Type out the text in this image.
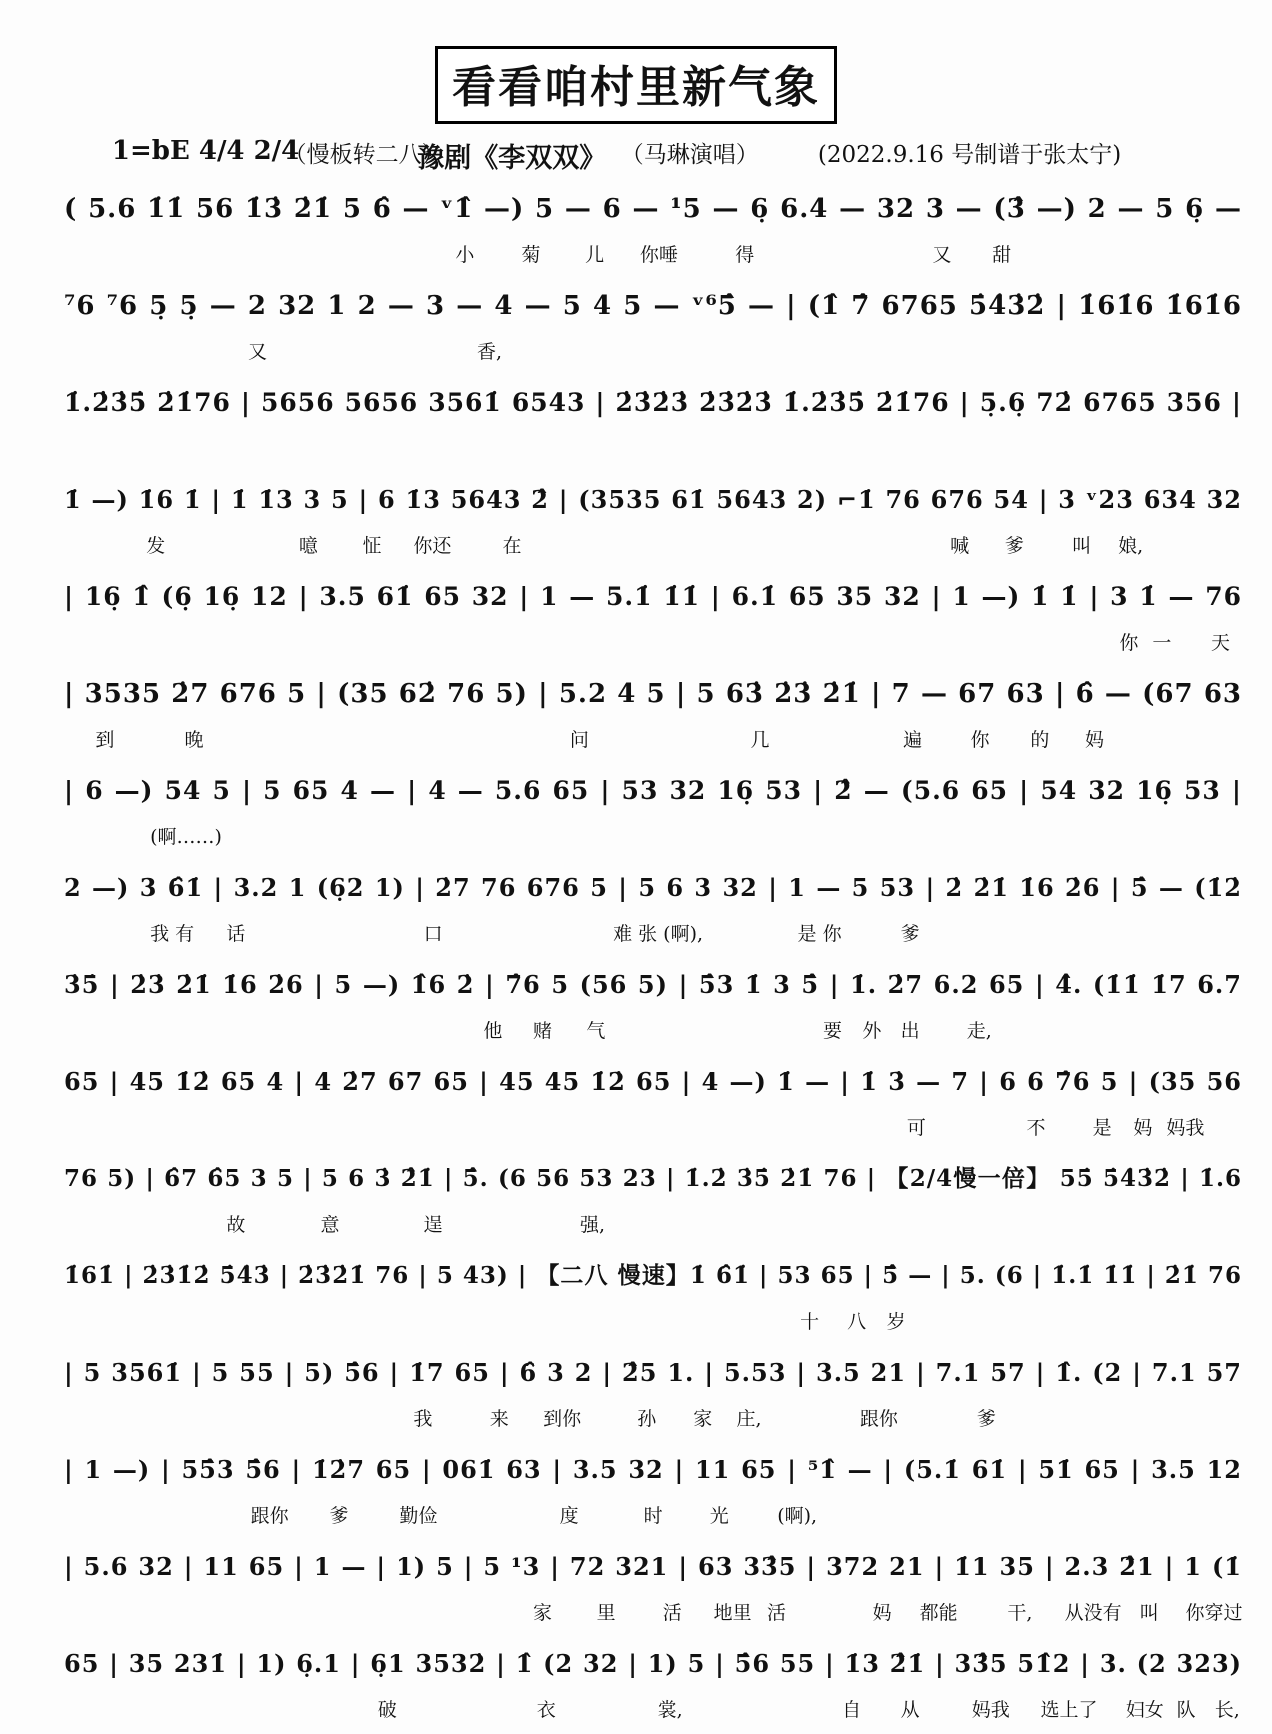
看看咱村里新气象
1=bE 4/4 2/4
（慢板转二八）
豫剧《李双双》 （马琳演唱）	(2022.9.16 号制谱于张太宁)
( 5.6 1̇1̇ 56 1̇3̇ 2̇1̇ 5 6̂ — ᵛ1̂ —) 5 — 6 — ¹5 — 6̣ 6.4 — 32 3 — (3̂ —) 2 — 5 6̣ —
小 菊 儿 你唾	得	又 甜
⁷6 ⁷6 5̣ 5̣ — 2 32 1 2 — 3 — 4 — 5 4 5 — ᵛ⁶5̂ — | (1̂ 7̂ 6765 5̇4̇3̇2̇ | 1̇61̇6 1̇61̇6
又	香,
1̇.2̇3̇5̇ 2̇1̇76 | 5656 5656 3561̇ 6543 | 2̇3̇2̇3̇ 2̇3̇2̇3̇ 1̇.2̇3̇5̇ 2̇1̇76 | 5̣.6̣ 72̇ 6765 356 |
1̇ —) 1̇6 1̇ | 1̇ 1̇3 3 5 | 6 1̇3 5643 2̂ | (3535 61̇ 5643 2) ⌐1̇ 76 676 54 | 3 ᵛ23 634 32
发	噫 怔 你还	在	喊 爹	叫 娘,
| 16̣ 1̂ (6̣ 16̣ 12 | 3.5 61̇ 65 32 | 1 — 5.1̇ 1̇1̇ | 6.1̇ 65 35 32 | 1 —) 1̇ 1̇ | 3 1̇ — 76
你 一 天
| 3535 2̇7 676 5 | (35 62̇ 76 5) | 5.2 4 5 | 5 63̇ 2̇3̇ 2̇1̇ | 7 — 67 63 | 6̂ — (67 63
到	晚	问	几	遍	你 的 妈
| 6 —) 54 5 | 5 65 4 — | 4 — 5.6 65 | 53 32 16̣ 53 | 2̂ — (5.6 65 | 54 32 16̣ 53 |
(啊……)
2 —) 3 6̂1̇ | 3.2 1 (6̣2 1) | 2̇7 76 676 5 | 5 6 3 32 | 1 — 5 53 | 2̇ 2̇1̇ 1̇6 2̇6 | 5̂ — (1̇2̇
我 有 话	口	难 张 (啊),	是 你	爹
3̇5̇ | 2̇3̇ 2̇1̇ 1̇6 2̇6 | 5 —) 1̂6 2̇ | 7̂6 5 (56 5) | 5̂3 1̇ 3 5̂ | 1̇. 2̇7 6.2 65 | 4̂. (1̇1̇ 1̇7 6.7
他 赌 气	要 外 出 走,
65 | 45 1̇2̇ 65 4 | 4 2̇7 67 65 | 45 45 1̇2̇ 65 | 4 —) 1̇ — | 1̇ 3̇ — 7 | 6 6 7̂6 5 | (35 56
可	不 是 妈 妈我
76 5) | 6̂7 6̂5 3 5 | 5 6 3̇ 2̂1̇ | 5̂. (6 56 53 23 | 1̇.2̇ 3̇5̇ 2̇1̇ 76 | 【2/4慢一倍】 55̇ 5̇4̇3̇2̇ | 1̇.6
故	意	逞	强,
1̇61̇ | 2̇3̇1̇2̇ 5̇4̇3̇ | 2̇3̇2̇1̇ 76 | 5 43) | 【二八 慢速】1̇ 6̂1̇ | 53 65 | 5̂ — | 5. (6 | 1̇.1̇ 1̇1̇ | 2̇1̇ 76
十 八 岁
| 5 3561̇ | 5 55 | 5) 5̂6 | 1̇7 65 | 6̂ 3 2 | 2̂5 1. | 5.53 | 3.5 21 | 7.1 57 | 1̂. (2 | 7.1 57
我	来 到你	孙 家 庄,	跟你	爹
| 1 —) | 55̂3 5̂6 | 1̇2̇7 65 | 061̇ 63 | 3.5 32 | 11 65 | ⁵1̂ — | (5.1̇ 61̇ | 51̇ 65 | 3.5 12
跟你 爹	勤俭	度	时 光	(啊),
| 5.6 32 | 11 65 | 1 — | 1) 5 | 5 ¹3 | 72 321 | 63 33̂5 | 372 21 | 1̇1 35 | 2.3 2̂1 | 1 (1̇
家 里 活 地里 活	妈 都能	干, 从没有 叫 你穿过
65 | 35 231̇ | 1) 6̣.1 | 6̣1 3532̇ | 1̂ (2 32 | 1) 5 | 5̂6 55 | 1̇3 2̂1̇ | 33̂5 51̂2 | 3. (2 323)
破	衣	裳,	自 从	妈我 选上了 妇女 队 长,
